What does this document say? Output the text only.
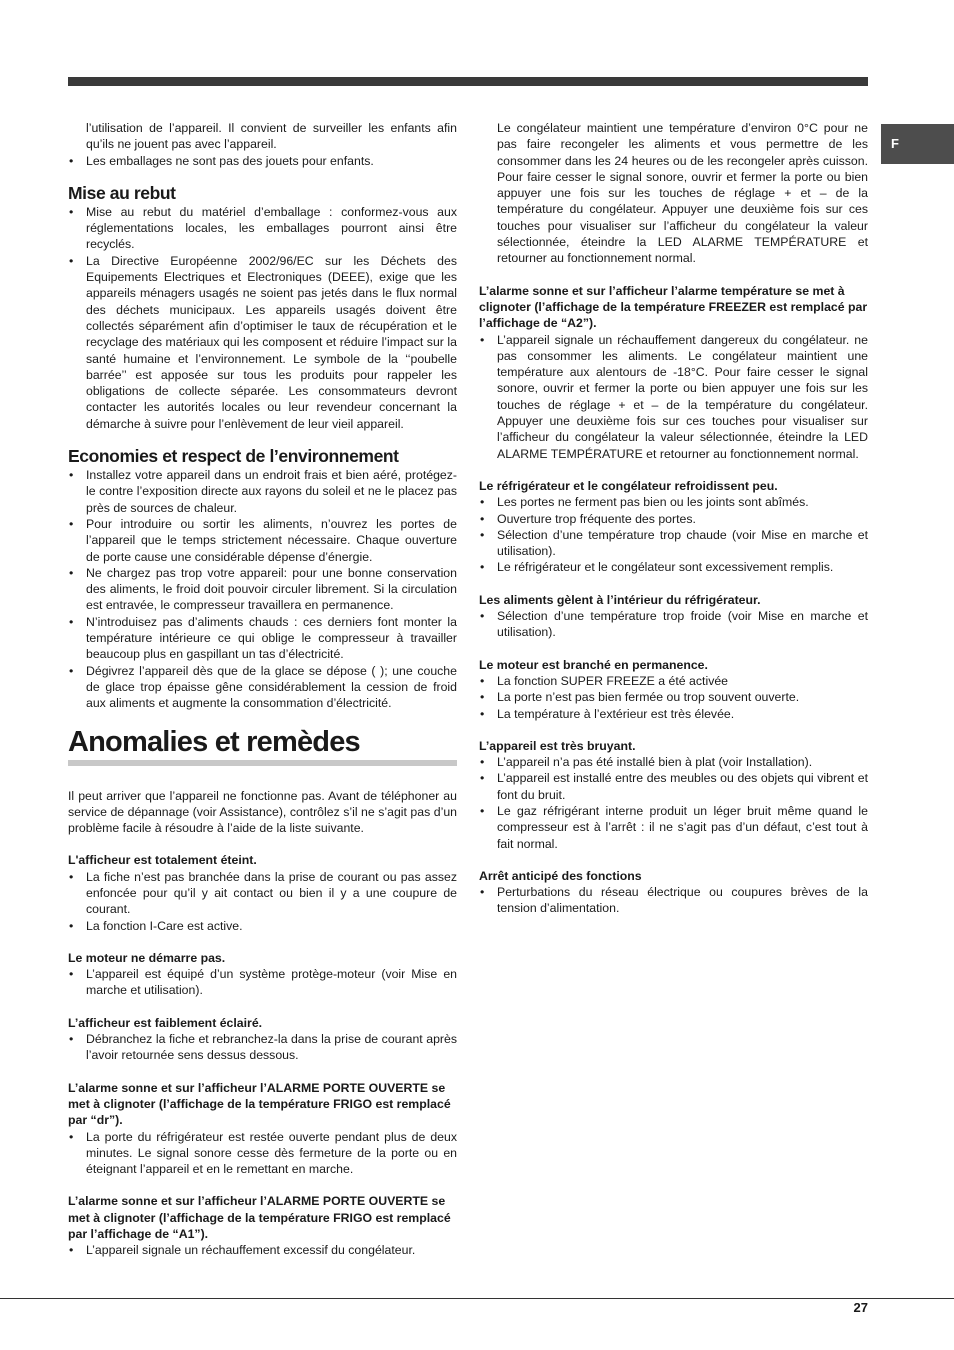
F

l’utilisation de l’appareil. Il convient de surveiller les enfants afin qu’ils ne jouent pas avec l’appareil.

• Les emballages ne sont pas des jouets pour enfants.
Mise au rebut
• Mise au rebut du matériel d’emballage : conformez-vous aux réglementations locales, les emballages pourront ainsi être recyclés.
• La Directive Européenne 2002/96/EC sur les Déchets des Equipements Electriques et Electroniques (DEEE), exige que les appareils ménagers usagés ne soient pas jetés dans le flux normal des déchets municipaux. Les appareils usagés doivent être collectés séparément afin d’optimiser le taux de récupération et le recyclage des matériaux qui les composent et réduire l’impact sur la santé humaine et l’environnement. Le symbole de la ‘‘poubelle barrée’’ est apposée sur tous les produits pour rappeler les obligations de collecte séparée. Les consommateurs devront contacter les autorités locales ou leur revendeur concernant la démarche à suivre pour l’enlèvement de leur vieil appareil.
Economies et respect de l’environnement
• Installez votre appareil dans un endroit frais et bien aéré, protégez-le contre l’exposition directe aux rayons du soleil et ne le placez pas près de sources de chaleur.
• Pour introduire ou sortir les aliments, n’ouvrez les portes de l’appareil que le temps strictement nécessaire. Chaque ouverture de porte cause une considérable dépense d’énergie.
• Ne chargez pas trop votre appareil: pour une bonne conservation des aliments, le froid doit pouvoir circuler librement. Si la circulation est entravée, le compresseur travaillera en permanence.
• N’introduisez pas d’aliments chauds : ces derniers font monter la température intérieure ce qui oblige le compresseur à travailler beaucoup plus en gaspillant un tas d’électricité.
• Dégivrez l’appareil dès que de la glace se dépose ( ); une couche de glace trop épaisse gêne considérablement la cession de froid aux aliments et augmente la consommation d’électricité.
Anomalies et remèdes

Il peut arriver que l’appareil ne fonctionne pas. Avant de téléphoner au service de dépannage (voir Assistance), contrôlez s’il ne s’agit pas d’un problème facile à résoudre à l’aide de la liste suivante.

L'afficheur est totalement éteint.
• La fiche n’est pas branchée dans la prise de courant ou pas assez enfoncée pour qu’il y ait contact ou bien il y a une coupure de courant.
• La fonction I-Care est active.
Le moteur ne démarre pas.
• L’appareil est équipé d’un système protège-moteur (voir Mise en marche et utilisation).
L’afficheur est faiblement éclairé.
• Débranchez la fiche et rebranchez-la dans la prise de courant après l’avoir retournée sens dessus dessous.
L’alarme sonne et sur l’afficheur l’ALARME PORTE OUVERTE se met à clignoter (l’affichage de la température FRIGO est remplacé par “dr”).
• La porte du réfrigérateur est restée ouverte pendant plus de deux minutes. Le signal sonore cesse dès fermeture de la porte ou en éteignant l’appareil et en le remettant en marche.
L’alarme sonne et sur l’afficheur l’ALARME PORTE OUVERTE se met à clignoter (l’affichage de la température FRIGO est remplacé par l’affichage de “A1”).
• L’appareil signale un réchauffement excessif du congélateur.

Le congélateur maintient une température d’environ 0°C pour ne pas faire recongeler les aliments et vous permettre de les consommer dans les 24 heures ou de les recongeler après cuisson. Pour faire cesser le signal sonore, ouvrir et fermer la porte ou bien appuyer une fois sur les touches de réglage + et – de la température du congélateur. Appuyer une deuxième fois sur ces touches pour visualiser sur l’afficheur du congélateur la valeur sélectionnée, éteindre la LED ALARME TEMPÉRATURE et retourner au fonctionnement normal.

L’alarme sonne et sur l’afficheur l’alarme température se met à clignoter (l’affichage de la température FREEZER est remplacé par l’affichage de “A2”).
• L’appareil signale un réchauffement dangereux du congélateur. ne pas consommer les aliments. Le congélateur maintient une température aux alentours de -18°C. Pour faire cesser le signal sonore, ouvrir et fermer la porte ou bien appuyer une fois sur les touches de réglage + et – de la température du congélateur. Appuyer une deuxième fois sur ces touches pour visualiser sur l’afficheur du congélateur la valeur sélectionnée, éteindre la LED ALARME TEMPÉRATURE et retourner au fonctionnement normal.
Le réfrigérateur et le congélateur refroidissent peu.
• Les portes ne ferment pas bien ou les joints sont abîmés.
• Ouverture trop fréquente des portes.
• Sélection d’une température trop chaude (voir Mise en marche et utilisation).
• Le réfrigérateur et le congélateur sont excessivement remplis.
Les aliments gèlent à l’intérieur du réfrigérateur.
• Sélection d’une température trop froide (voir Mise en marche et utilisation).
Le moteur est branché en permanence.
• La fonction SUPER FREEZE a été activée
• La porte n’est pas bien fermée ou trop souvent ouverte.
• La température à l’extérieur est très élevée.
L’appareil est très bruyant.
• L’appareil n’a pas été installé bien à plat (voir Installation).
• L’appareil est installé entre des meubles ou des objets qui vibrent et font du bruit.
• Le gaz réfrigérant interne produit un léger bruit même quand le compresseur est à l’arrêt : il ne s’agit pas d’un défaut, c’est tout à fait normal.
Arrêt anticipé des fonctions
• Perturbations du réseau électrique ou coupures brèves de la tension d’alimentation.
27
